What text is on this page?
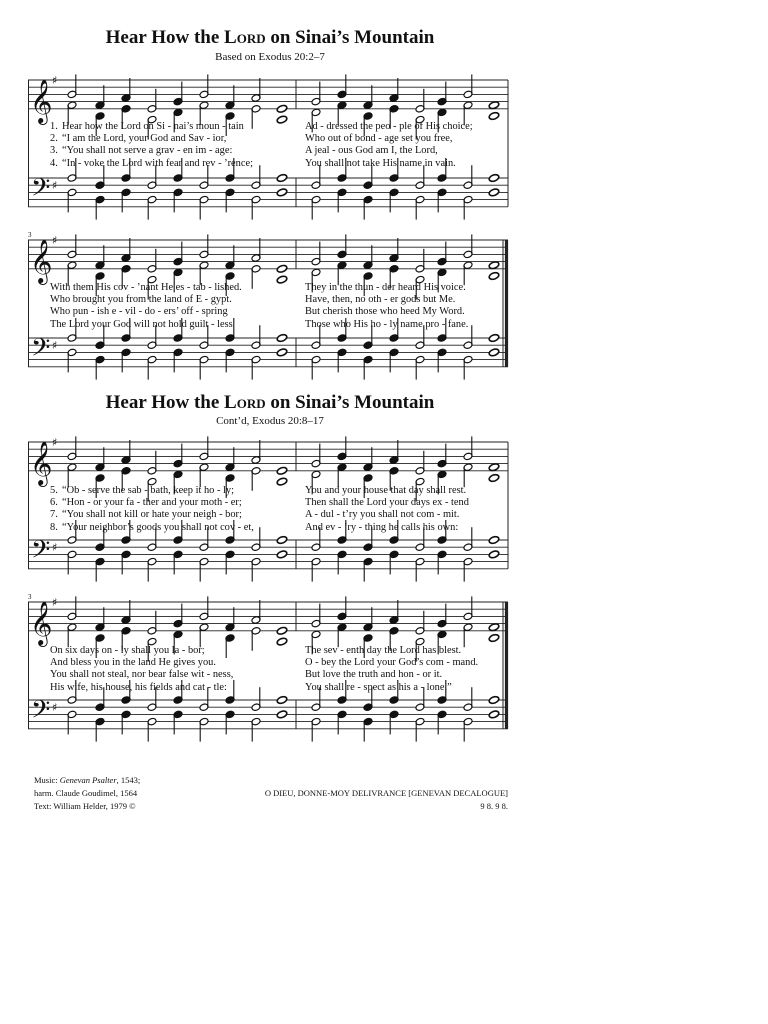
Hear How the Lord on Sinai’s Mountain
Based on Exodus 20:2–7
𝄞
𝄢
♯
♯
1. Hear how the Lord on Si - nai’s moun - tain	Ad - dressed the peo - ple of His choice;
2. “I am the Lord, your God and Sav - ior,	Who out of bond - age set you free,
3. “You shall not serve a grav - en im - age:	A jeal - ous God am I, the Lord,
4. “In - voke the Lord with fear and rev - ’rence;	You shall not take His name in vain.
𝄞
𝄢
♯
♯
3
With them His cov - ’nant He es - tab - lished.	They in the thun - der heard His voice.
Who brought you from the land of E - gypt.	Have, then, no oth - er gods but Me.
Who pun - ish e - vil - do - ers’ off - spring	But cherish those who heed My Word.
The Lord your God will not hold guilt - less	Those who His ho - ly name pro - fane.
Hear How the Lord on Sinai’s Mountain
Cont’d, Exodus 20:8–17
𝄞
𝄢
♯
♯
5. “Ob - serve the sab - bath, keep it ho - ly;	You and your house that day shall rest.
6. “Hon - or your fa - ther and your moth - er;	Then shall the Lord your days ex - tend
7. “You shall not kill or hate your neigh - bor;	A - dul - t’ry you shall not com - mit.
8. “Your neighbor’s goods you shall not cov - et,	And ev - ’ry - thing he calls his own:
𝄞
𝄢
♯
♯
3
On six days on - ly shall you la - bor;	The sev - enth day the Lord has blest.
And bless you in the land He gives you.	O - bey the Lord your God’s com - mand.
You shall not steal, nor bear false wit - ness,	But love the truth and hon - or it.
His wife, his house, his fields and cat - tle:	You shall re - spect as his a - lone.”
Music: Genevan Psalter, 1543;
harm. Claude Goudimel, 1564
Text: William Helder, 1979 ©
O DIEU, DONNE-MOY DELIVRANCE [GENEVAN DECALOGUE]
9 8. 9 8.
